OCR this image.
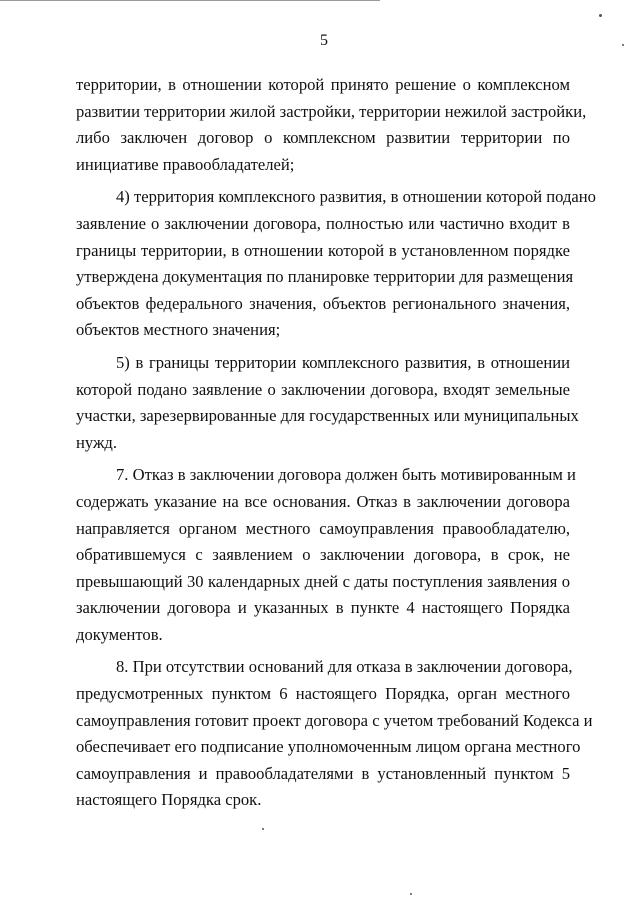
5
территории, в отношении которой принято решение о комплексном
развитии территории жилой застройки, территории нежилой застройки,
либо заключен договор о комплексном развитии территории по
инициативе правообладателей;
4) территория комплексного развития, в отношении которой подано
заявление о заключении договора, полностью или частично входит в
границы территории, в отношении которой в установленном порядке
утверждена документация по планировке территории для размещения
объектов федерального значения, объектов регионального значения,
объектов местного значения;
5) в границы территории комплексного развития, в отношении
которой подано заявление о заключении договора, входят земельные
участки, зарезервированные для государственных или муниципальных
нужд.
7. Отказ в заключении договора должен быть мотивированным и
содержать указание на все основания. Отказ в заключении договора
направляется органом местного самоуправления правообладателю,
обратившемуся с заявлением о заключении договора, в срок, не
превышающий 30 календарных дней с даты поступления заявления о
заключении договора и указанных в пункте 4 настоящего Порядка
документов.
8. При отсутствии оснований для отказа в заключении договора,
предусмотренных пунктом 6 настоящего Порядка, орган местного
самоуправления готовит проект договора с учетом требований Кодекса и
обеспечивает его подписание уполномоченным лицом органа местного
самоуправления и правообладателями в установленный пунктом 5
настоящего Порядка срок.
